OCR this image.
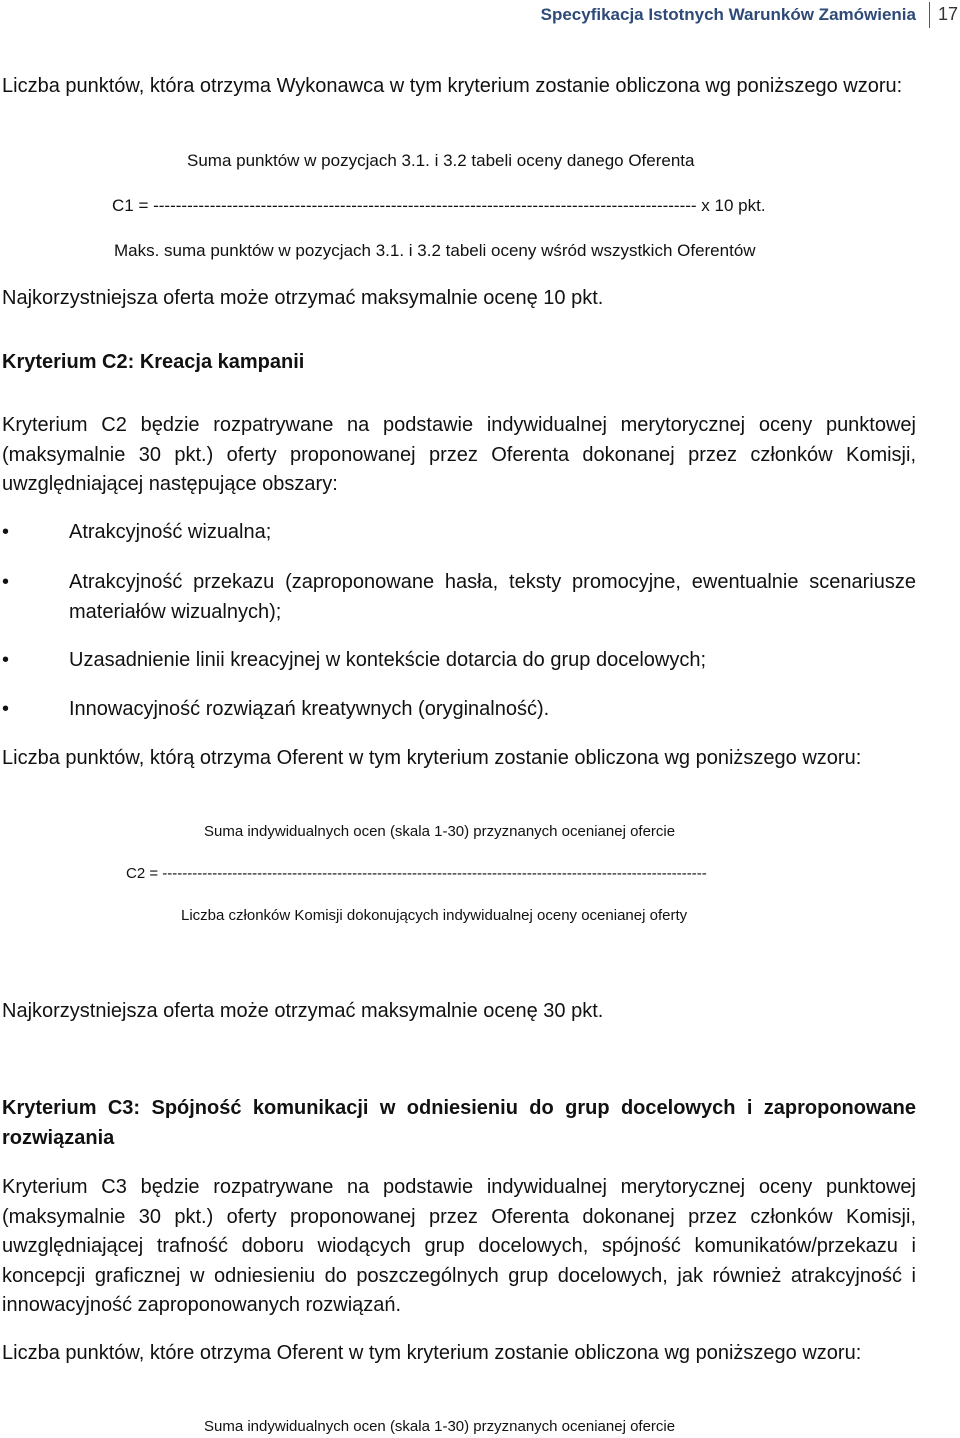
Specyfikacja Istotnych Warunków Zamówienia 17

Liczba punktów, która otrzyma Wykonawca w tym kryterium zostanie obliczona wg poniższego wzoru:

Suma punktów w pozycjach 3.1. i 3.2 tabeli oceny danego Oferenta

C1 = ------------------------------------------------------------------------------------------------ x 10 pkt.

Maks. suma punktów w pozycjach 3.1. i 3.2 tabeli oceny wśród wszystkich Oferentów

Najkorzystniejsza oferta może otrzymać maksymalnie ocenę 10 pkt.

Kryterium C2: Kreacja kampanii

Kryterium C2 będzie rozpatrywane na podstawie indywidualnej merytorycznej oceny punktowej (maksymalnie 30 pkt.) oferty proponowanej przez Oferenta dokonanej przez członków Komisji, uwzględniającej następujące obszary:

•	Atrakcyjność wizualna;

•	Atrakcyjność przekazu (zaproponowane hasła, teksty promocyjne, ewentualnie scenariusze materiałów wizualnych);

•	Uzasadnienie linii kreacyjnej w kontekście dotarcia do grup docelowych;

•	Innowacyjność rozwiązań kreatywnych (oryginalność).

Liczba punktów, którą otrzyma Oferent w tym kryterium zostanie obliczona wg poniższego wzoru:

Suma indywidualnych ocen (skala 1-30) przyznanych ocenianej ofercie

C2 = -------------------------------------------------------------------------------------------------------------

Liczba członków Komisji dokonujących indywidualnej oceny ocenianej oferty

Najkorzystniejsza oferta może otrzymać maksymalnie ocenę 30 pkt.

Kryterium C3: Spójność komunikacji w odniesieniu do grup docelowych i zaproponowane rozwiązania

Kryterium C3 będzie rozpatrywane na podstawie indywidualnej merytorycznej oceny punktowej (maksymalnie 30 pkt.) oferty proponowanej przez Oferenta dokonanej przez członków Komisji, uwzględniającej trafność doboru wiodących grup docelowych, spójność komunikatów/przekazu i koncepcji graficznej w odniesieniu do poszczególnych grup docelowych, jak również atrakcyjność i innowacyjność zaproponowanych rozwiązań.

Liczba punktów, które otrzyma Oferent w tym kryterium zostanie obliczona wg poniższego wzoru:

Suma indywidualnych ocen (skala 1-30) przyznanych ocenianej ofercie
